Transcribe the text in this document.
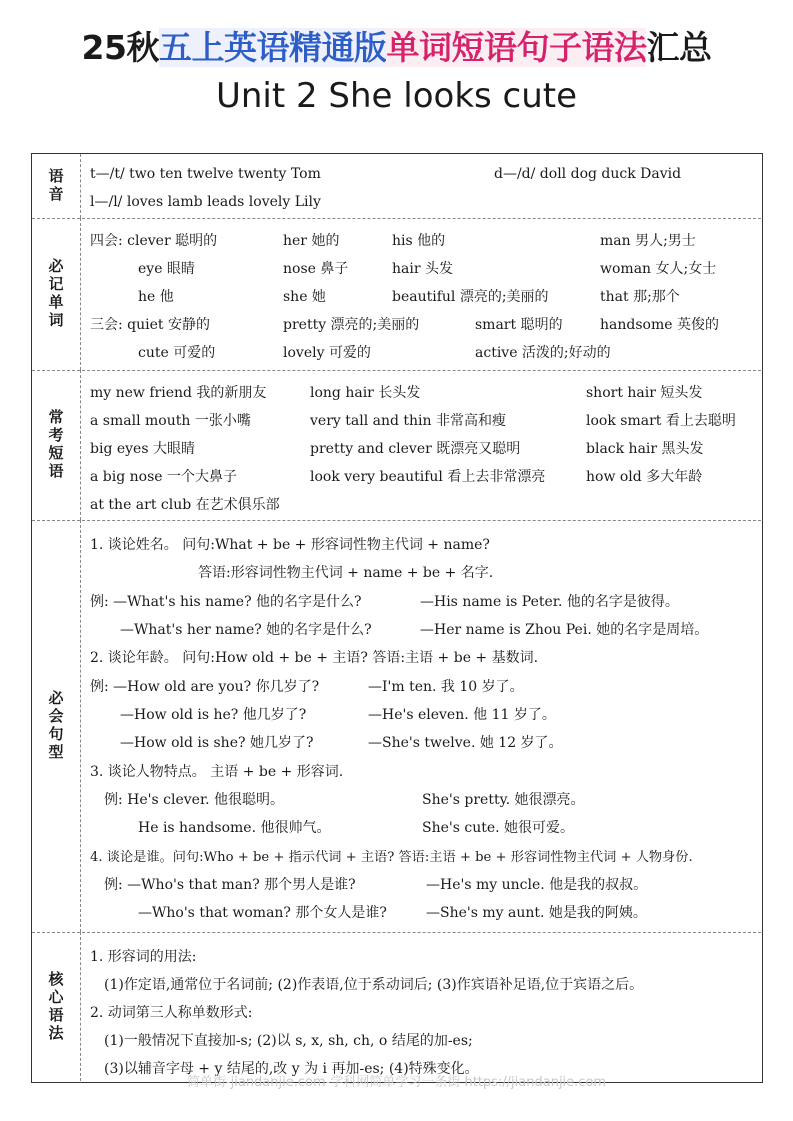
25秋五上英语精通版单词短语句子语法汇总
Unit 2 She looks cute
语音 t—/t/ two ten twelve twenty Tom	d—/d/ doll dog duck David
l—/l/ loves lamb leads lovely Lily
必记单词
四会: clever 聪明的	her 她的	his 他的	man 男人;男士
eye 眼睛	nose 鼻子	hair 头发	woman 女人;女士
he 他	she 她	beautiful 漂亮的;美丽的	that 那;那个
三会: quiet 安静的	pretty 漂亮的;美丽的	smart 聪明的	handsome 英俊的
cute 可爱的	lovely 可爱的	active 活泼的;好动的
常考短语
my new friend 我的新朋友	long hair 长头发	short hair 短头发
a small mouth 一张小嘴	very tall and thin 非常高和瘦	look smart 看上去聪明
big eyes 大眼睛	pretty and clever 既漂亮又聪明	black hair 黑头发
a big nose 一个大鼻子	look very beautiful 看上去非常漂亮	how old 多大年龄
at the art club 在艺术俱乐部
必会句型
1. 谈论姓名。 问句:What + be + 形容词性物主代词 + name?
答语:形容词性物主代词 + name + be + 名字.
例: —What's his name? 他的名字是什么?	—His name is Peter. 他的名字是彼得。
—What's her name? 她的名字是什么?	—Her name is Zhou Pei. 她的名字是周培。
2. 谈论年龄。 问句:How old + be + 主语? 答语:主语 + be + 基数词.
例: —How old are you? 你几岁了?	—I'm ten. 我 10 岁了。
—How old is he? 他几岁了?	—He's eleven. 他 11 岁了。
—How old is she? 她几岁了?	—She's twelve. 她 12 岁了。
3. 谈论人物特点。 主语 + be + 形容词.
例: He's clever. 他很聪明。	She's pretty. 她很漂亮。
He is handsome. 他很帅气。	She's cute. 她很可爱。
4. 谈论是谁。问句:Who + be + 指示代词 + 主语? 答语:主语 + be + 形容词性物主代词 + 人物身份.
例: —Who's that man? 那个男人是谁?	—He's my uncle. 他是我的叔叔。
—Who's that woman? 那个女人是谁?	—She's my aunt. 她是我的阿姨。
核心语法
1. 形容词的用法:
(1)作定语,通常位于名词前; (2)作表语,位于系动词后; (3)作宾语补足语,位于宾语之后。
2. 动词第三人称单数形式:
(1)一般情况下直接加-s; (2)以 s, x, sh, ch, o 结尾的加-es;
(3)以辅音字母 + y 结尾的,改 y 为 i 再加-es; (4)特殊变化。
简单街-jiandanjie.com-学科网简单学习一条街 https://jiandanjie.com
